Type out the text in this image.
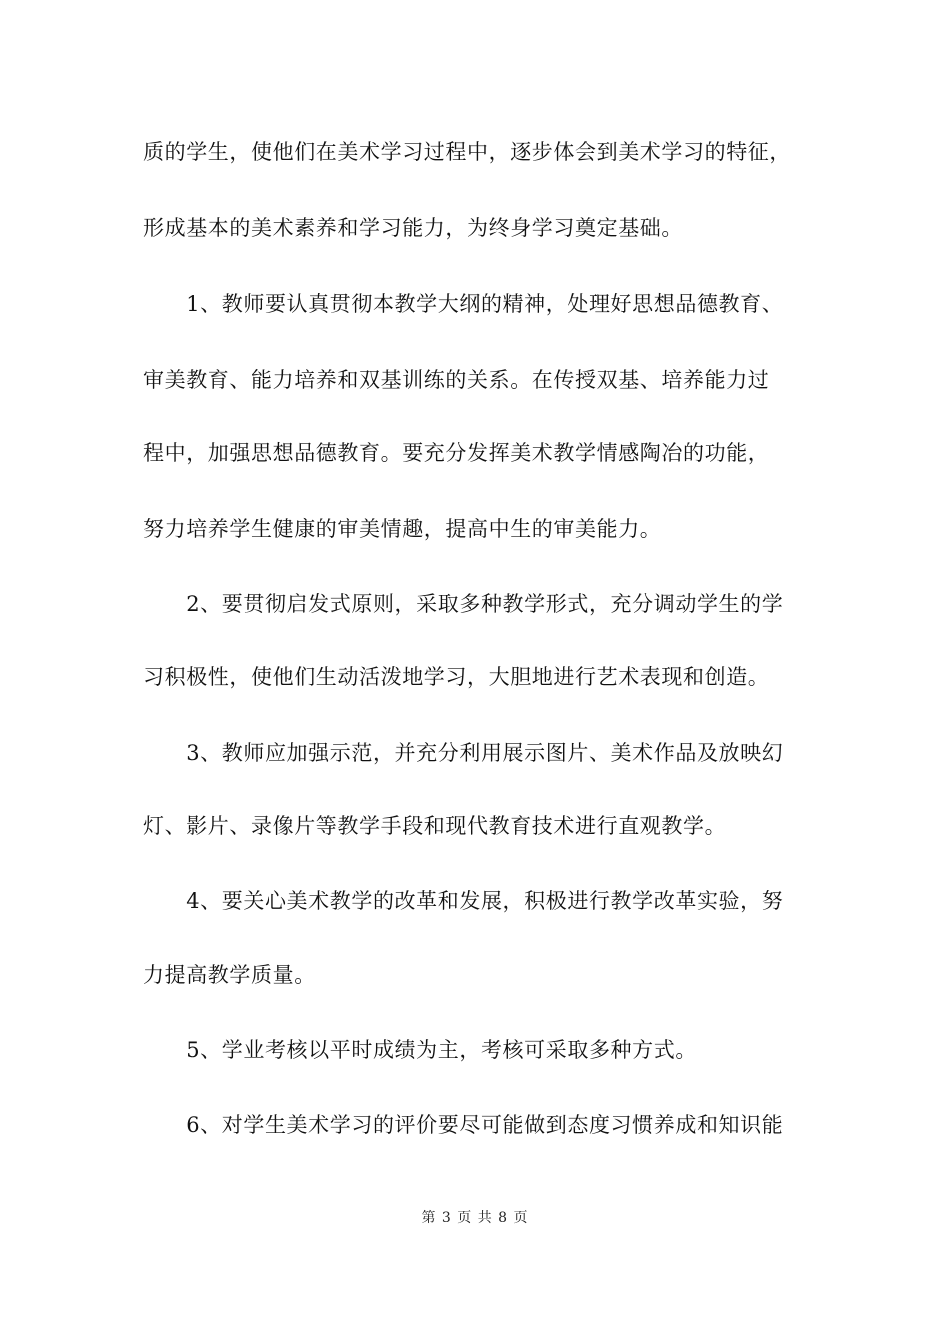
质的学生，使他们在美术学习过程中，逐步体会到美术学习的特征，
形成基本的美术素养和学习能力，为终身学习奠定基础。
　　1、教师要认真贯彻本教学大纲的精神，处理好思想品德教育、
审美教育、能力培养和双基训练的关系。在传授双基、培养能力过
程中，加强思想品德教育。要充分发挥美术教学情感陶冶的功能，
努力培养学生健康的审美情趣，提高中生的审美能力。
　　2、要贯彻启发式原则，采取多种教学形式，充分调动学生的学
习积极性，使他们生动活泼地学习，大胆地进行艺术表现和创造。
　　3、教师应加强示范，并充分利用展示图片、美术作品及放映幻
灯、影片、录像片等教学手段和现代教育技术进行直观教学。
　　4、要关心美术教学的改革和发展，积极进行教学改革实验，努
力提高教学质量。
　　5、学业考核以平时成绩为主，考核可采取多种方式。
　　6、对学生美术学习的评价要尽可能做到态度习惯养成和知识能
第 3 页 共 8 页
